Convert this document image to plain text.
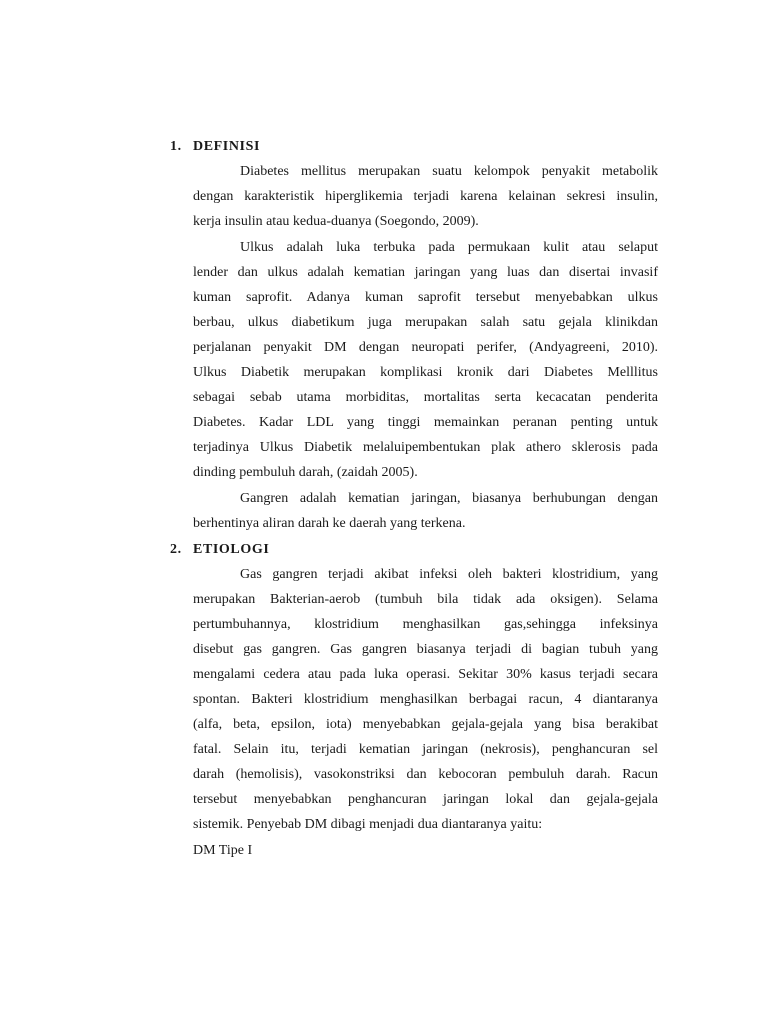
1. DEFINISI
Diabetes mellitus merupakan suatu kelompok penyakit metabolik
dengan karakteristik hiperglikemia terjadi karena kelainan sekresi insulin,
kerja insulin atau kedua-duanya (Soegondo, 2009).
Ulkus adalah luka terbuka pada permukaan kulit atau selaput
lender dan ulkus adalah kematian jaringan yang luas dan disertai invasif
kuman saprofit. Adanya kuman saprofit tersebut menyebabkan ulkus
berbau, ulkus diabetikum juga merupakan salah satu gejala klinikdan
perjalanan penyakit DM dengan neuropati perifer, (Andyagreeni, 2010).
Ulkus Diabetik merupakan komplikasi kronik dari Diabetes Melllitus
sebagai sebab utama morbiditas, mortalitas serta kecacatan penderita
Diabetes. Kadar LDL yang tinggi memainkan peranan penting untuk
terjadinya Ulkus Diabetik melaluipembentukan plak athero sklerosis pada
dinding pembuluh darah, (zaidah 2005).
Gangren adalah kematian jaringan, biasanya berhubungan dengan
berhentinya aliran darah ke daerah yang terkena.
2. ETIOLOGI
Gas gangren terjadi akibat infeksi oleh bakteri klostridium, yang
merupakan Bakterian-aerob (tumbuh bila tidak ada oksigen). Selama
pertumbuhannya, klostridium menghasilkan gas,sehingga infeksinya
disebut gas gangren. Gas gangren biasanya terjadi di bagian tubuh yang
mengalami cedera atau pada luka operasi. Sekitar 30% kasus terjadi secara
spontan. Bakteri klostridium menghasilkan berbagai racun, 4 diantaranya
(alfa, beta, epsilon, iota) menyebabkan gejala-gejala yang bisa berakibat
fatal. Selain itu, terjadi kematian jaringan (nekrosis), penghancuran sel
darah (hemolisis), vasokonstriksi dan kebocoran pembuluh darah. Racun
tersebut menyebabkan penghancuran jaringan lokal dan gejala-gejala
sistemik. Penyebab DM dibagi menjadi dua diantaranya yaitu:
DM Tipe I
